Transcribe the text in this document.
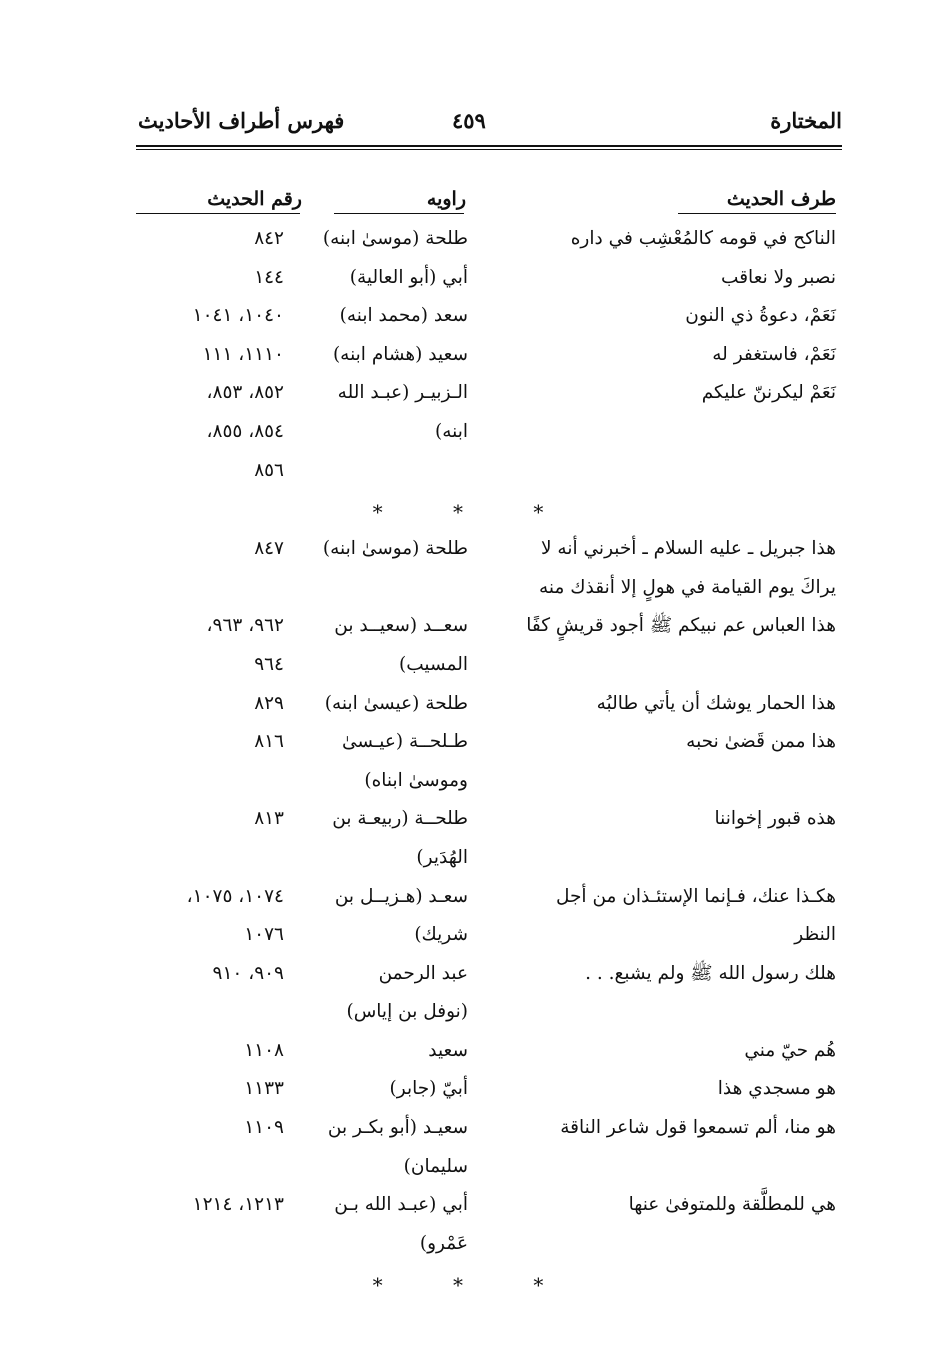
المختارة
٤٥٩
فهرس أطراف الأحاديث
طرف الحديث
راويه
رقم الحديث
الناكح في قومه كالمُعْشِب في داره
طلحة (موسىٰ ابنه)
٨٤٢
نصبر ولا نعاقب
أبي (أبو العالية)
١٤٤
نَعَمْ، دعوةُ ذي النون
سعد (محمد ابنه)
١٠٤٠، ١٠٤١
نَعَمْ، فاستغفر له
سعيد (هشام ابنه)
١١١٠، ١١١
نَعَمْ ليكرننّ عليكم
الـزبيـر (عبـد الله
٨٥٢، ٨٥٣،
ابنه)
٨٥٤، ٨٥٥،
٨٥٦
* * *
هذا جبريل ـ عليه السلام ـ أخبرني أنه لا
طلحة (موسىٰ ابنه)
٨٤٧
يراكَ يوم القيامة في هولٍ إلا أنقذك منه
هذا العباس عم نبيكم ﷺ أجود قريشٍ كفًا
سعــد (سعيــد بن
٩٦٢، ٩٦٣،
المسيب)
٩٦٤
هذا الحمار يوشك أن يأتي طالبُه
طلحة (عيسىٰ ابنه)
٨٢٩
هذا ممن قَضىٰ نحبه
طـلحــة (عيـسىٰ
٨١٦
وموسىٰ ابناه)
هذه قبور إخواننا
طلحــة (ربيعـة بن
٨١٣
الهُدَير)
هكـذا عنك، فـإنما الإستئـذان من أجل
سعـد (هـزيــل بن
١٠٧٤، ١٠٧٥،
النظر
شريك)
١٠٧٦
هلك رسول الله ﷺ ولم يشبع. . .
عبد الرحمن
٩٠٩، ٩١٠
(نوفل بن إياس)
هُم حيّ مني
سعيد
١١٠٨
هو مسجدي هذا
أبيّ (جابر)
١١٣٣
هو منا، ألم تسمعوا قول شاعر الناقة
سعيـد (أبو بكـر بن
١١٠٩
سليمان)
هي للمطلَّقة وللمتوفىٰ عنها
أبي (عبـد الله بـن
١٢١٣، ١٢١٤
عَمْرو)
* * *
